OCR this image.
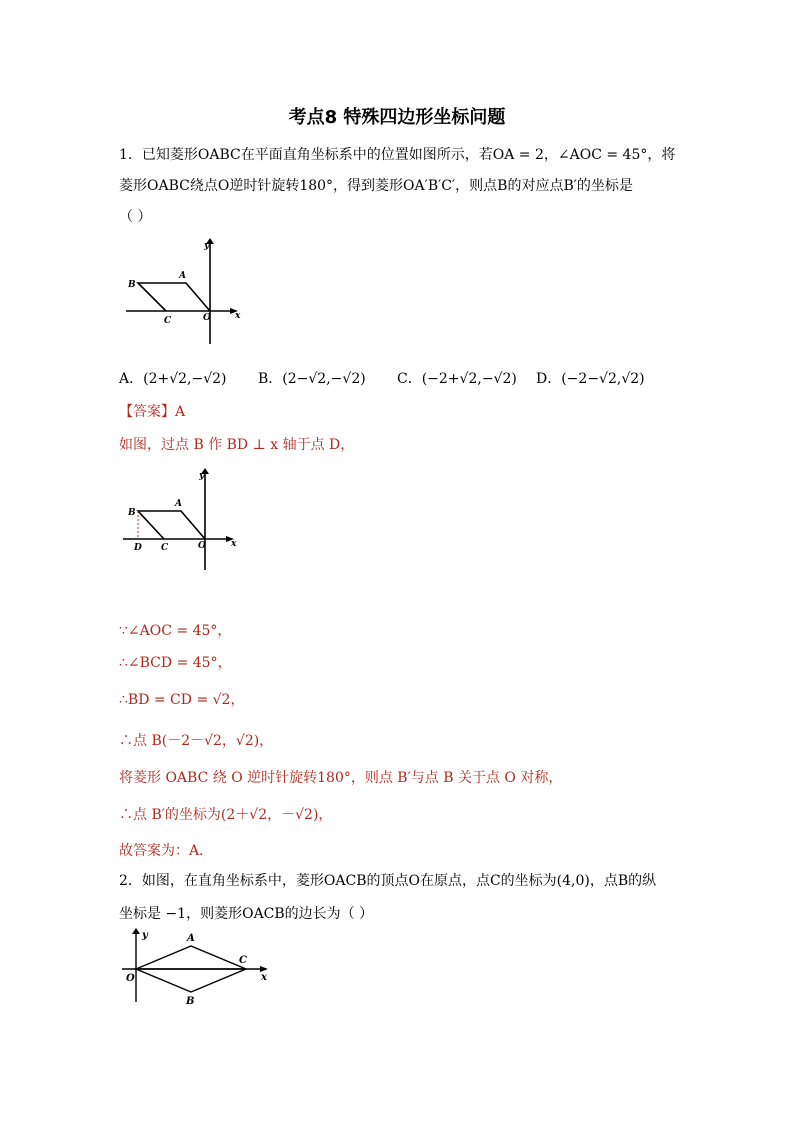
考点8 特殊四边形坐标问题
1．已知菱形OABC在平面直角坐标系中的位置如图所示，若OA = 2，∠AOC = 45°，将
菱形OABC绕点O逆时针旋转180°，得到菱形OA′B′C′，则点B的对应点B′的坐标是
（ ）
y
x
A
B
C	O
A．(2+√2,−√2) B．(2−√2,−√2) C．(−2+√2,−√2) D．(−2−√2,√2)
【答案】A
如图，过点 B 作 BD ⊥ x 轴于点 D，
y
x
A
B
C	O
D
∵∠AOC = 45°，
∴∠BCD = 45°，
∴BD = CD = √2，
∴点 B(－2－√2，√2)，
将菱形 OABC 绕 O 逆时针旋转180°，则点 B′与点 B 关于点 O 对称，
∴点 B′的坐标为(2＋√2，－√2)，
故答案为：A．
2．如图，在直角坐标系中，菱形OACB的顶点O在原点，点C的坐标为(4,0)，点B的纵
坐标是 −1，则菱形OACB的边长为（ ）
y
x
O
A
B
C
